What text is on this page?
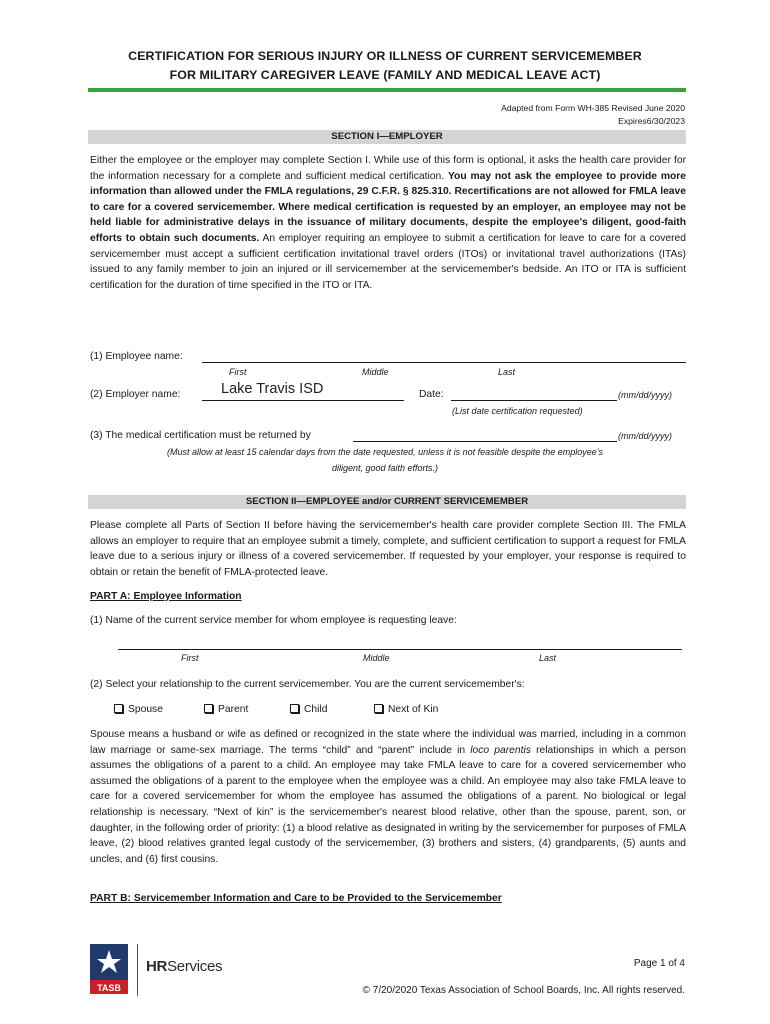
CERTIFICATION FOR SERIOUS INJURY OR ILLNESS OF CURRENT SERVICEMEMBER
FOR MILITARY CAREGIVER LEAVE (FAMILY AND MEDICAL LEAVE ACT)
Adapted from Form WH-385 Revised June 2020
Expires6/30/2023
SECTION I—EMPLOYER
Either the employee or the employer may complete Section I. While use of this form is optional, it asks the health care provider for the information necessary for a complete and sufficient medical certification. You may not ask the employee to provide more information than allowed under the FMLA regulations, 29 C.F.R. § 825.310. Recertifications are not allowed for FMLA leave to care for a covered servicemember. Where medical certification is requested by an employer, an employee may not be held liable for administrative delays in the issuance of military documents, despite the employee's diligent, good-faith efforts to obtain such documents. An employer requiring an employee to submit a certification for leave to care for a covered servicemember must accept a sufficient certification invitational travel orders (ITOs) or invitational travel authorizations (ITAs) issued to any family member to join an injured or ill servicemember at the servicemember's bedside. An ITO or ITA is sufficient certification for the duration of time specified in the ITO or ITA.
(1) Employee name:
First	Middle	Last
(2) Employer name:	Lake Travis ISD	Date:	(mm/dd/yyyy)
(List date certification requested)
(3) The medical certification must be returned by	(mm/dd/yyyy)
(Must allow at least 15 calendar days from the date requested, unless it is not feasible despite the employee's
diligent, good faith efforts.)
SECTION II—EMPLOYEE and/or CURRENT SERVICEMEMBER
Please complete all Parts of Section II before having the servicemember's health care provider complete Section III. The FMLA allows an employer to require that an employee submit a timely, complete, and sufficient certification to support a request for FMLA leave due to a serious injury or illness of a covered servicemember. If requested by your employer, your response is required to obtain or retain the benefit of FMLA-protected leave.
PART A: Employee Information
(1) Name of the current service member for whom employee is requesting leave:
First	Middle	Last
(2) Select your relationship to the current servicemember. You are the current servicemember's:
Spouse	Parent	Child	Next of Kin
Spouse means a husband or wife as defined or recognized in the state where the individual was married, including in a common law marriage or same-sex marriage. The terms “child” and “parent” include in loco parentis relationships in which a person assumes the obligations of a parent to a child. An employee may take FMLA leave to care for a covered servicemember who assumed the obligations of a parent to the employee when the employee was a child. An employee may also take FMLA leave to care for a covered servicemember for whom the employee has assumed the obligations of a parent. No biological or legal relationship is necessary. “Next of kin” is the servicemember's nearest blood relative, other than the spouse, parent, son, or daughter, in the following order of priority: (1) a blood relative as designated in writing by the servicemember for purposes of FMLA leave, (2) blood relatives granted legal custody of the servicemember, (3) brothers and sisters, (4) grandparents, (5) aunts and uncles, and (6) first cousins.
PART B: Servicemember Information and Care to be Provided to the Servicemember
TASB
HRServices	Page 1 of 4
© 7/20/2020 Texas Association of School Boards, Inc. All rights reserved.
